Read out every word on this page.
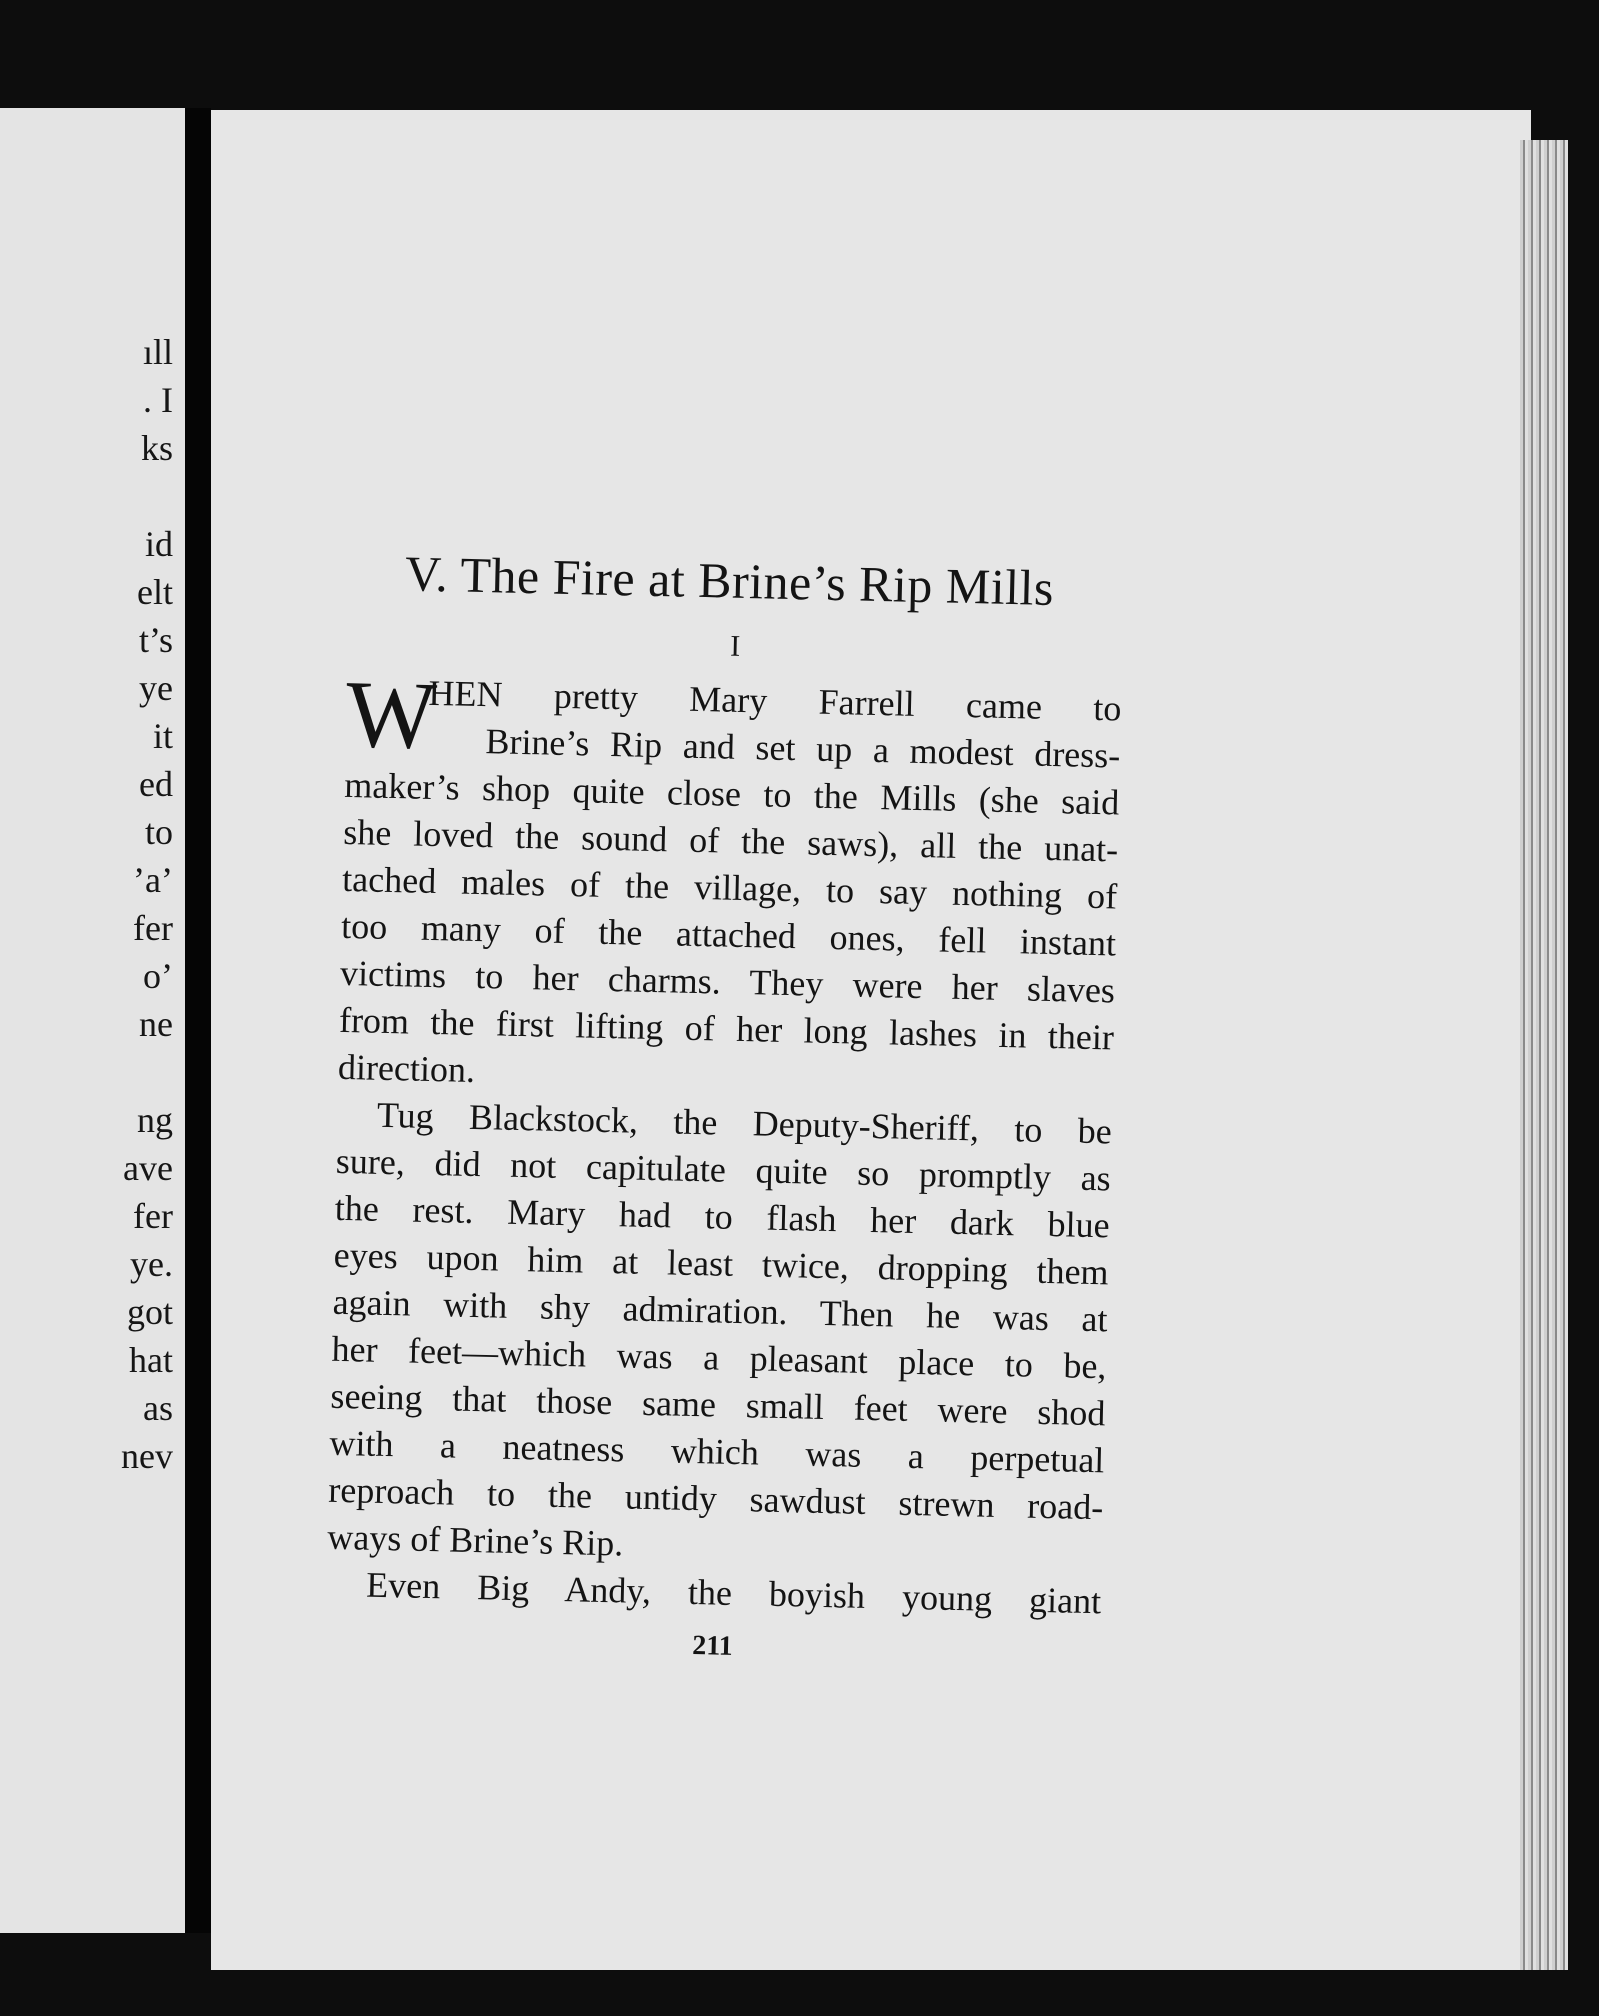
ıll
. I
ks
id
elt
t’s
ye
it
ed
to
’a’
fer
o’
ne
ng
ave
fer
ye.
got
hat
as
nev
V. The Fire at Brine’s Rip Mills
I
W
HEN pretty Mary Farrell came to
Brine’s Rip and set up a modest dress-
maker’s shop quite close to the Mills (she said
she loved the sound of the saws), all the unat-
tached males of the village, to say nothing of
too many of the attached ones, fell instant
victims to her charms. They were her slaves
from the first lifting of her long lashes in their
direction.
Tug Blackstock, the Deputy-Sheriff, to be
sure, did not capitulate quite so promptly as
the rest. Mary had to flash her dark blue
eyes upon him at least twice, dropping them
again with shy admiration. Then he was at
her feet—which was a pleasant place to be,
seeing that those same small feet were shod
with a neatness which was a perpetual
reproach to the untidy sawdust strewn road-
ways of Brine’s Rip.
Even Big Andy, the boyish young giant
211
